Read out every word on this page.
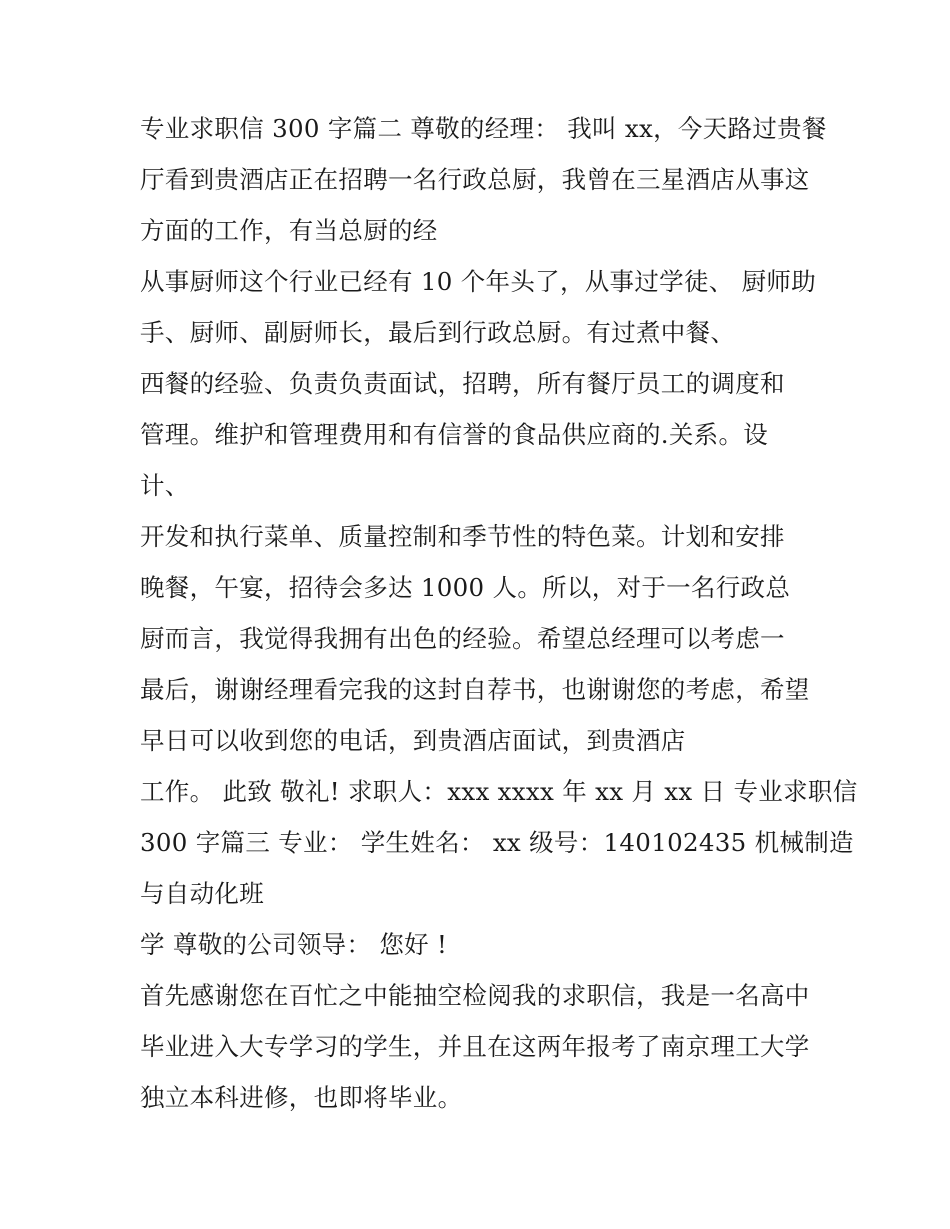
专业求职信 300 字篇二 尊敬的经理： 我叫 xx，今天路过贵餐
厅看到贵酒店正在招聘一名行政总厨，我曾在三星酒店从事这
方面的工作，有当总厨的经
从事厨师这个行业已经有 10 个年头了，从事过学徒、 厨师助
手、厨师、副厨师长，最后到行政总厨。有过煮中餐、
西餐的经验、负责负责面试，招聘，所有餐厅员工的调度和
管理。维护和管理费用和有信誉的食品供应商的.关系。设
计、
开发和执行菜单、质量控制和季节性的特色菜。计划和安排
晚餐，午宴，招待会多达 1000 人。所以，对于一名行政总
厨而言，我觉得我拥有出色的经验。希望总经理可以考虑一
最后，谢谢经理看完我的这封自荐书，也谢谢您的考虑，希望
早日可以收到您的电话，到贵酒店面试，到贵酒店
工作。 此致 敬礼! 求职人：xxx xxxx 年 xx 月 xx 日 专业求职信
300 字篇三 专业： 学生姓名： xx 级号：140102435 机械制造
与自动化班
学 尊敬的公司领导： 您好 !
首先感谢您在百忙之中能抽空检阅我的求职信，我是一名高中
毕业进入大专学习的学生，并且在这两年报考了南京理工大学
独立本科进修，也即将毕业。
